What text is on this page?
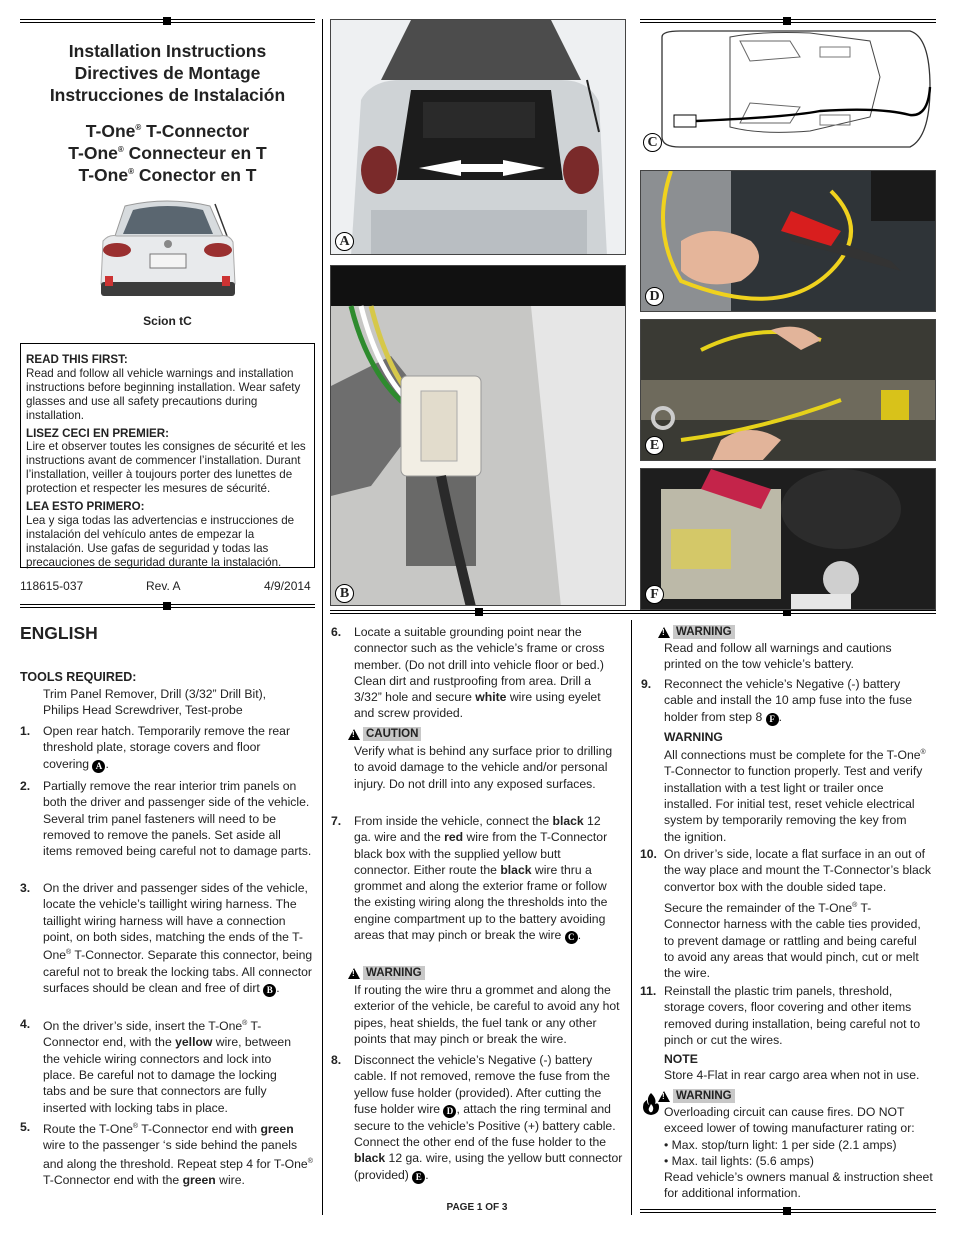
Installation Instructions
Directives de Montage
Instrucciones de Instalación
T-One® T-Connector
T-One® Connecteur en T
T-One® Conector en T
Scion tC
READ THIS FIRST:
Read and follow all vehicle warnings and installation instructions before beginning installation. Wear safety glasses and use all safety precautions during installation.
LISEZ CECI EN PREMIER:
Lire et observer toutes les consignes de sécurité et les instructions avant de commencer l’installation. Durant l’installation, veiller à toujours porter des lunettes de protection et respecter les mesures de sécurité.
LEA ESTO PRIMERO:
Lea y siga todas las advertencias e instrucciones de instalación del vehículo antes de empezar la instalación. Use gafas de seguridad y todas las precauciones de seguridad durante la instalación.
118615-037	Rev. A	4/9/2014
A
B
C
D
E
F
ENGLISH
TOOLS REQUIRED:
Trim Panel Remover, Drill (3/32” Drill Bit), Philips Head Screwdriver, Test-probe
1. Open rear hatch. Temporarily remove the rear threshold plate, storage covers and floor covering A .
2. Partially remove the rear interior trim panels on both the driver and passenger side of the vehicle. Several trim panel fasteners will need to be removed to remove the panels. Set aside all items removed being careful not to damage parts.
3. On the driver and passenger sides of the vehicle, locate the vehicle’s taillight wiring harness. The taillight wiring harness will have a connection point, on both sides, matching the ends of the T-One® T-Connector. Separate this connector, being careful not to break the locking tabs. All connector surfaces should be clean and free of dirt B .
4. On the driver’s side, insert the T-One® T-Connector end, with the yellow wire, between the vehicle wiring connectors and lock into place. Be careful not to damage the locking tabs and be sure that connectors are fully inserted with locking tabs in place.
5. Route the T-One® T-Connector end with green wire to the passenger ‘s side behind the panels and along the threshold. Repeat step 4 for T-One® T-Connector end with the green wire.
6. Locate a suitable grounding point near the connector such as the vehicle’s frame or cross member. (Do not drill into vehicle floor or bed.) Clean dirt and rustproofing from area. Drill a 3/32” hole and secure white wire using eyelet and screw provided.
!
CAUTION
Verify what is behind any surface prior to drilling to avoid damage to the vehicle and/or personal injury. Do not drill into any exposed surfaces.
7. From inside the vehicle, connect the black 12 ga. wire and the red wire from the T-Connector black box with the supplied yellow butt connector. Either route the black wire thru a grommet and along the exterior frame or follow the existing wiring along the thresholds into the engine compartment up to the battery avoiding areas that may pinch or break the wire C .
!
WARNING
If routing the wire thru a grommet and along the exterior of the vehicle, be careful to avoid any hot pipes, heat shields, the fuel tank or any other points that may pinch or break the wire.
8. Disconnect the vehicle’s Negative (-) battery cable. If not removed, remove the fuse from the yellow fuse holder (provided). After cutting the fuse holder wire D , attach the ring terminal and secure to the vehicle’s Positive (+) battery cable. Connect the other end of the fuse holder to the black 12 ga. wire, using the yellow butt connector (provided) E .
PAGE 1 OF 3
!
WARNING
Read and follow all warnings and cautions printed on the tow vehicle’s battery.
9. Reconnect the vehicle’s Negative (-) battery cable and install the 10 amp fuse into the fuse holder from step 8 F .
WARNING
All connections must be complete for the T-One® T-Connector to function properly. Test and verify installation with a test light or trailer once installed. For initial test, reset vehicle electrical system by temporarily removing the key from the ignition.
10. On driver’s side, locate a flat surface in an out of the way place and mount the T-Connector’s black convertor box with the double sided tape.
Secure the remainder of the T-One® T-Connector harness with the cable ties provided, to prevent damage or rattling and being careful to avoid any areas that would pinch, cut or melt the wire.
11. Reinstall the plastic trim panels, threshold, storage covers, floor covering and other items removed during installation, being careful not to pinch or cut the wires.
NOTE
Store 4-Flat in rear cargo area when not in use.
!
WARNING
Overloading circuit can cause fires. DO NOT exceed lower of towing manufacturer rating or:
• Max. stop/turn light: 1 per side (2.1 amps)
• Max. tail lights: (5.6 amps)
Read vehicle’s owners manual & instruction sheet for additional information.
